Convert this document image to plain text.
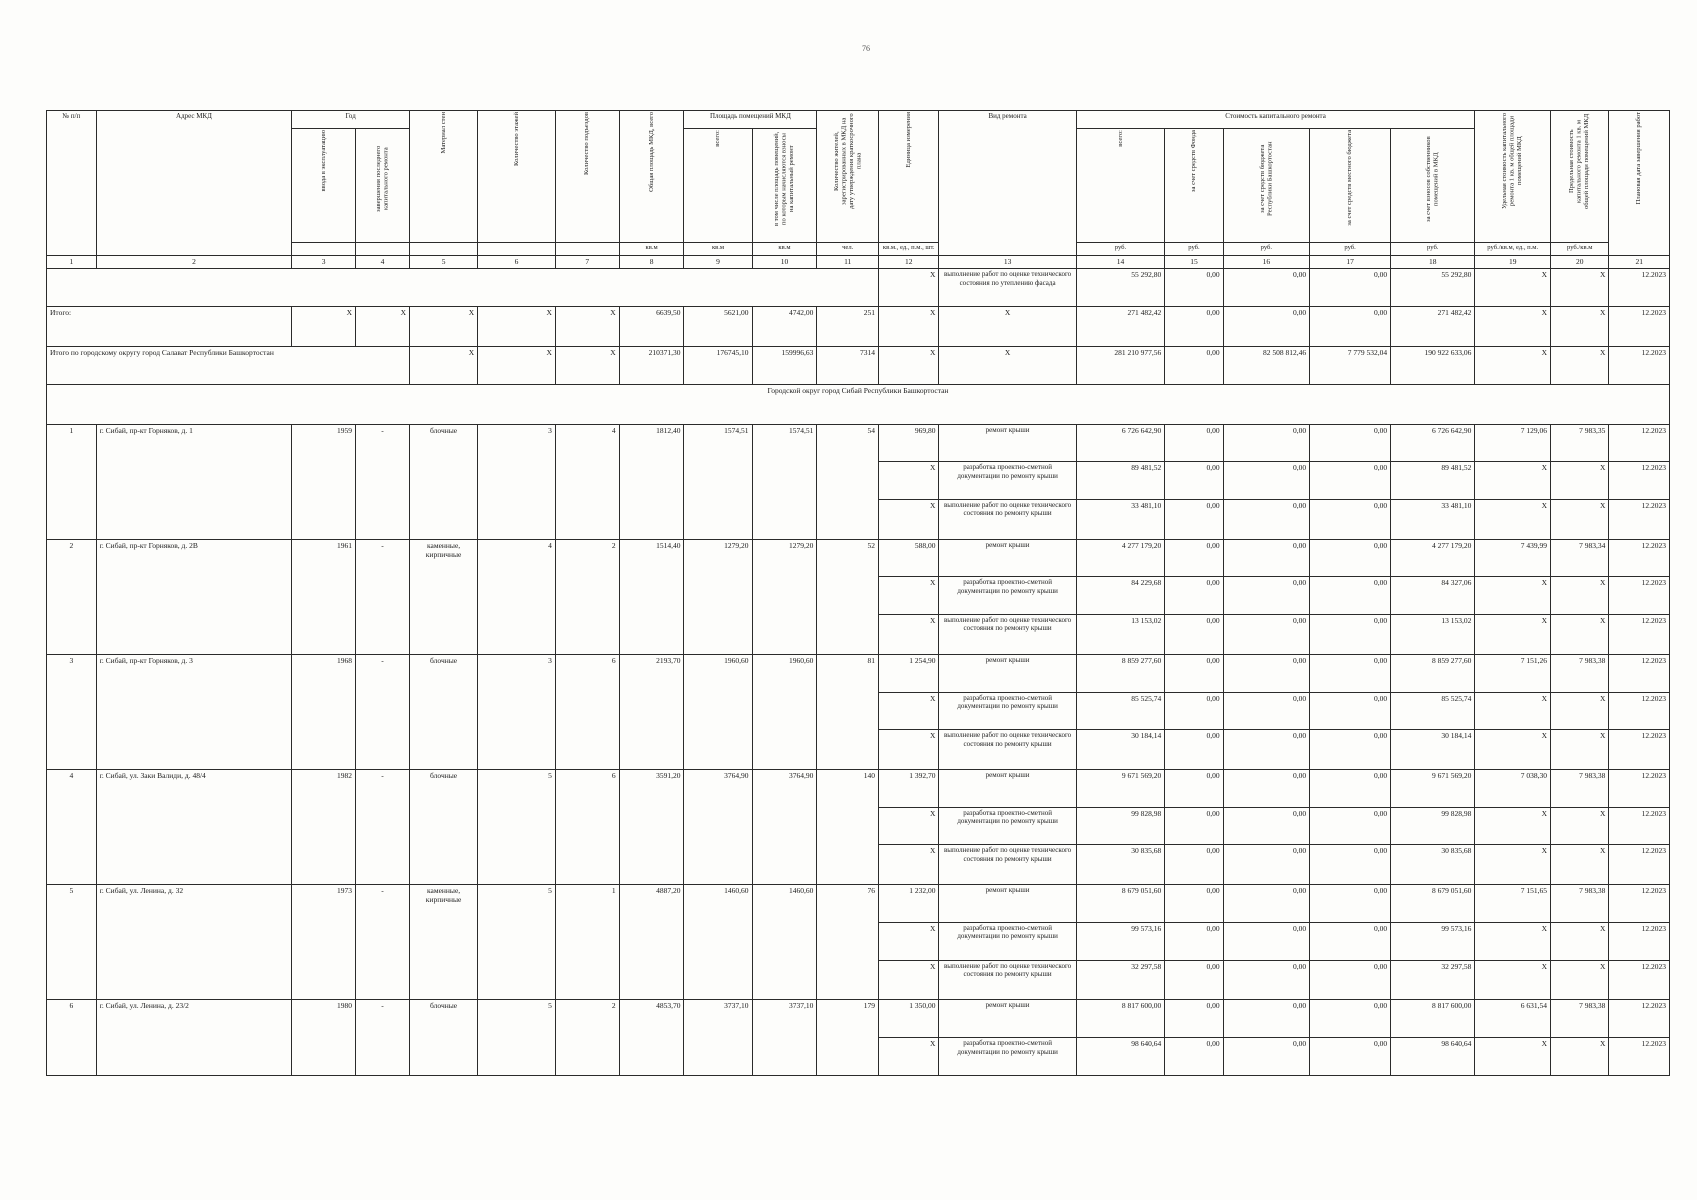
76
№ п/п	Адрес МКД	Год		Материал стен	Количество этажей	Количество подъездов	Общая площадь МКД, всего	Площадь помещений МКД		Количество жителей, зарегистрированных в МКД на дату утверждения краткосрочного плана	Единица измерения	Вид ремонта	Стоимость капитального ремонта					Удельная стоимость капитального ремонта 1 кв. м общей площади помещений МКД	Предельная стоимость капитального ремонта 1 кв. м общей площади помещений МКД	Плановая дата завершения работ
		ввода в эксплуатацию	завершения последнего капитального ремонта					всего:	в том числе площадь помещений, по которым начисляются взносы на капитальный ремонт				всего:	за счет средств Фонда	за счет средств бюджета Республики Башкортостан	за счет средств местного бюджета	за счет взносов собственников помещений в МКД			
							кв.м	кв.м	кв.м	чел.	кв.м., ед., п.м., шт.		руб.	руб.	руб.	руб.	руб.	руб./кв.м, ед., п.м.	руб./кв.м	
1	2	3	4	5	6	7	8	9	10	11	12	13	14	15	16	17	18	19	20	21
											X	выполнение работ по оценке технического состояния по утеплению фасада	55 292,80	0,00	0,00	0,00	55 292,80	X	X	12.2023
Итого:		X	X	X	X	X	6639,50	5621,00	4742,00	251	X	X	271 482,42	0,00	0,00	0,00	271 482,42	X	X	12.2023
Итого по городскому округу город Салават Республики Башкортостан				X	X	X	210371,30	176745,10	159996,63	7314	X	X	281 210 977,56	0,00	82 508 812,46	7 779 532,04	190 922 633,06	X	X	12.2023
Городской округ город Сибай Республики Башкортостан																				
1	г. Сибай, пр-кт Горняков, д. 1	1959	-	блочные	3	4	1812,40	1574,51	1574,51	54	969,80	ремонт крыши	6 726 642,90	0,00	0,00	0,00	6 726 642,90	7 129,06	7 983,35	12.2023
											X	разработка проектно-сметной документации по ремонту крыши	89 481,52	0,00	0,00	0,00	89 481,52	X	X	12.2023
											X	выполнение работ по оценке технического состояния по ремонту крыши	33 481,10	0,00	0,00	0,00	33 481,10	X	X	12.2023
2	г. Сибай, пр-кт Горняков, д. 2В	1961	-	каменные, кирпичные	4	2	1514,40	1279,20	1279,20	52	588,00	ремонт крыши	4 277 179,20	0,00	0,00	0,00	4 277 179,20	7 439,99	7 983,34	12.2023
											X	разработка проектно-сметной документации по ремонту крыши	84 229,68	0,00	0,00	0,00	84 327,06	X	X	12.2023
											X	выполнение работ по оценке технического состояния по ремонту крыши	13 153,02	0,00	0,00	0,00	13 153,02	X	X	12.2023
3	г. Сибай, пр-кт Горняков, д. 3	1968	-	блочные	3	6	2193,70	1960,60	1960,60	81	1 254,90	ремонт крыши	8 859 277,60	0,00	0,00	0,00	8 859 277,60	7 151,26	7 983,38	12.2023
											X	разработка проектно-сметной документации по ремонту крыши	85 525,74	0,00	0,00	0,00	85 525,74	X	X	12.2023
											X	выполнение работ по оценке технического состояния по ремонту крыши	30 184,14	0,00	0,00	0,00	30 184,14	X	X	12.2023
4	г. Сибай, ул. Заки Валиди, д. 48/4	1982	-	блочные	5	6	3591,20	3764,90	3764,90	140	1 392,70	ремонт крыши	9 671 569,20	0,00	0,00	0,00	9 671 569,20	7 038,30	7 983,38	12.2023
											X	разработка проектно-сметной документации по ремонту крыши	99 828,98	0,00	0,00	0,00	99 828,98	X	X	12.2023
											X	выполнение работ по оценке технического состояния по ремонту крыши	30 835,68	0,00	0,00	0,00	30 835,68	X	X	12.2023
5	г. Сибай, ул. Ленина, д. 32	1973	-	каменные, кирпичные	5	1	4887,20	1460,60	1460,60	76	1 232,00	ремонт крыши	8 679 051,60	0,00	0,00	0,00	8 679 051,60	7 151,65	7 983,38	12.2023
											X	разработка проектно-сметной документации по ремонту крыши	99 573,16	0,00	0,00	0,00	99 573,16	X	X	12.2023
											X	выполнение работ по оценке технического состояния по ремонту крыши	32 297,58	0,00	0,00	0,00	32 297,58	X	X	12.2023
6	г. Сибай, ул. Ленина, д. 23/2	1980	-	блочные	5	2	4853,70	3737,10	3737,10	179	1 350,00	ремонт крыши	8 817 600,00	0,00	0,00	0,00	8 817 600,00	6 631,54	7 983,38	12.2023
											X	разработка проектно-сметной документации по ремонту крыши	98 640,64	0,00	0,00	0,00	98 640,64	X	X	12.2023
